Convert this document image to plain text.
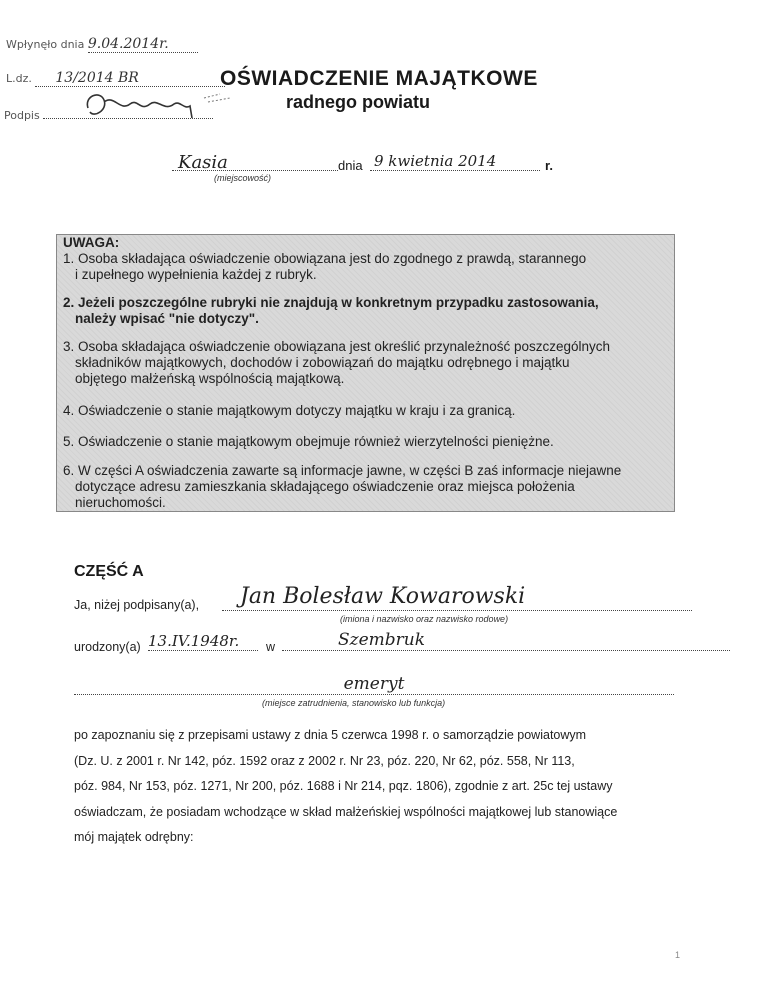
Wpłynęło dnia 9.04.2014r.
L.dz. 13/2014 BR
Podpis
OŚWIADCZENIE MAJĄTKOWE
radnego powiatu
Kasia
(miejscowość)
dnia 9 kwietnia 2014	r.
UWAGA:
1. Osoba składająca oświadczenie obowiązana jest do zgodnego z prawdą, starannego
i zupełnego wypełnienia każdej z rubryk.
2. Jeżeli poszczególne rubryki nie znajdują w konkretnym przypadku zastosowania,
należy wpisać "nie dotyczy".
3. Osoba składająca oświadczenie obowiązana jest określić przynależność poszczególnych
składników majątkowych, dochodów i zobowiązań do majątku odrębnego i majątku
objętego małżeńską wspólnością majątkową.
4. Oświadczenie o stanie majątkowym dotyczy majątku w kraju i za granicą.
5. Oświadczenie o stanie majątkowym obejmuje również wierzytelności pieniężne.
6. W części A oświadczenia zawarte są informacje jawne, w części B zaś informacje niejawne
dotyczące adresu zamieszkania składającego oświadczenie oraz miejsca położenia
nieruchomości.
CZĘŚĆ A
Ja, niżej podpisany(a),	Jan Bolesław Kowarowski
(imiona i nazwisko oraz nazwisko rodowe)
urodzony(a) 13.IV.1948r.	w	Szembruk
emeryt
(miejsce zatrudnienia, stanowisko lub funkcja)
po zapoznaniu się z przepisami ustawy z dnia 5 czerwca 1998 r. o samorządzie powiatowym
(Dz. U. z 2001 r. Nr 142, póz. 1592 oraz z 2002 r. Nr 23, póz. 220, Nr 62, póz. 558, Nr 113,
póz. 984, Nr 153, póz. 1271, Nr 200, póz. 1688 i Nr 214, pqz. 1806), zgodnie z art. 25c tej ustawy
oświadczam, że posiadam wchodzące w skład małżeńskiej wspólności majątkowej lub stanowiące
mój majątek odrębny:
1
